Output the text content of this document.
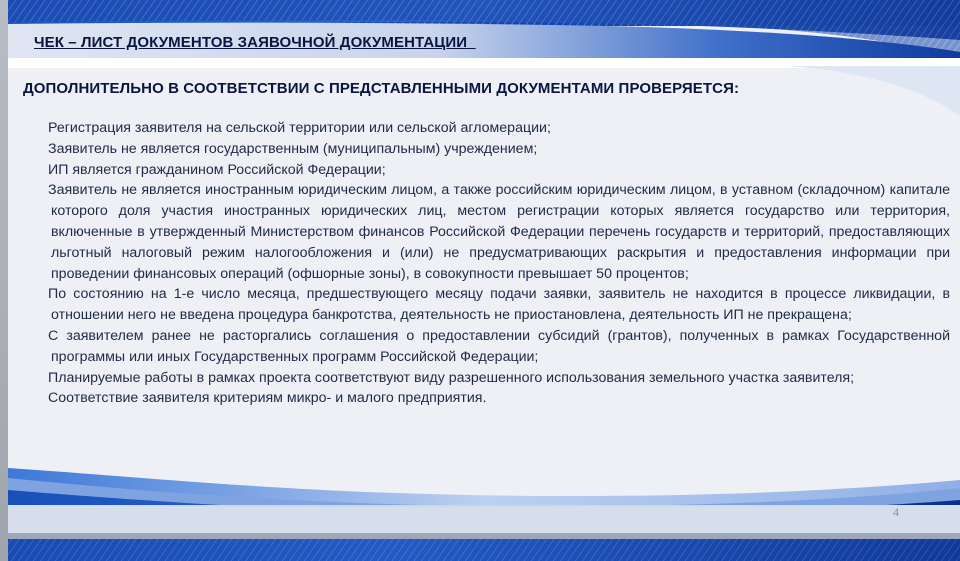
ЧЕК – ЛИСТ ДОКУМЕНТОВ ЗАЯВОЧНОЙ ДОКУМЕНТАЦИИ
ДОПОЛНИТЕЛЬНО В СООТВЕТСТВИИ С ПРЕДСТАВЛЕННЫМИ ДОКУМЕНТАМИ ПРОВЕРЯЕТСЯ:
Регистрация заявителя на сельской территории или сельской агломерации;
Заявитель не является государственным (муниципальным) учреждением;
ИП является гражданином Российской Федерации;
Заявитель не является иностранным юридическим лицом, а также российским юридическим лицом, в уставном (складочном) капитале которого доля участия иностранных юридических лиц, местом регистрации которых является государство или территория, включенные в утвержденный Министерством финансов Российской Федерации перечень государств и территорий, предоставляющих льготный налоговый режим налогообложения и (или) не предусматривающих раскрытия и предоставления информации при проведении финансовых операций (офшорные зоны), в совокупности превышает 50 процентов;
По состоянию на 1-е число месяца, предшествующего месяцу подачи заявки, заявитель не находится в процессе ликвидации, в отношении него не введена процедура банкротства, деятельность не приостановлена, деятельность ИП не прекращена;
С заявителем ранее не расторгались соглашения о предоставлении субсидий (грантов), полученных в рамках Государственной программы или иных Государственных программ Российской Федерации;
Планируемые работы в рамках проекта соответствуют виду разрешенного использования земельного участка заявителя;
Соответствие заявителя критериям микро- и малого предприятия.
4
